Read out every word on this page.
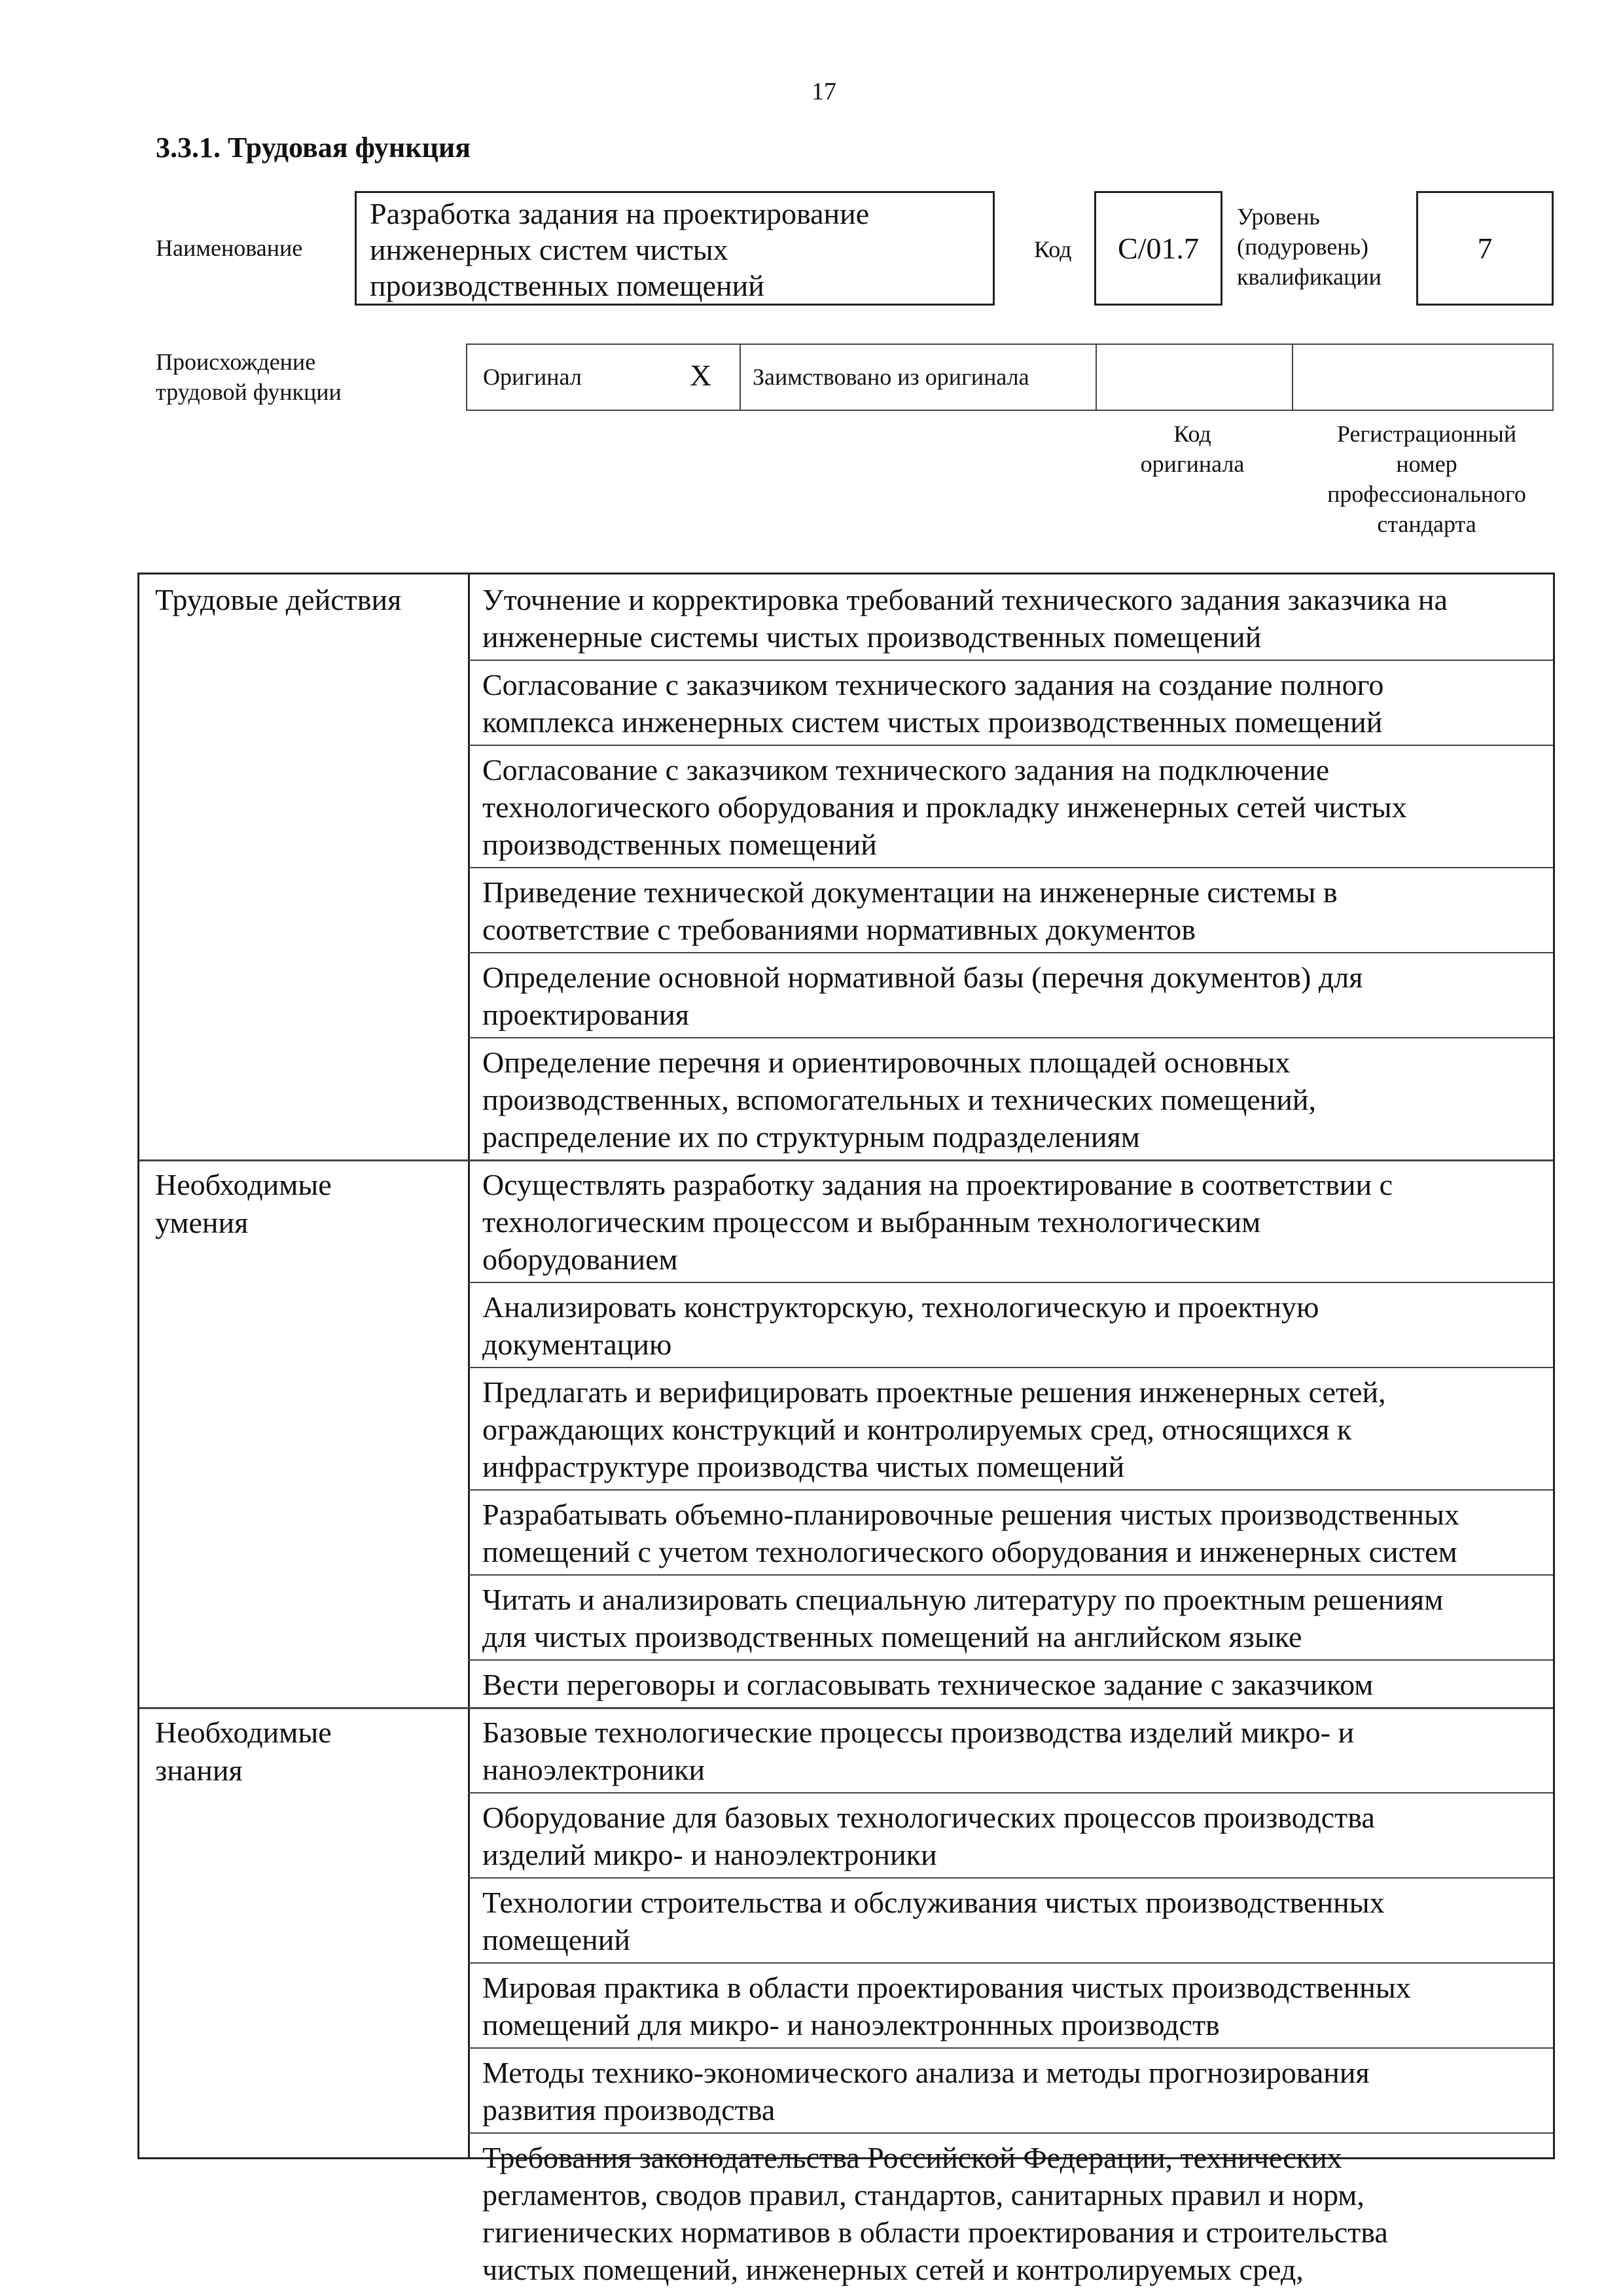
17
3.3.1. Трудовая функция
Наименование
Разработка задания на проектирование
инженерных систем чистых
производственных помещений
Код C/01.7
Уровень
(подуровень)
квалификации
7
Происхождение
трудовой функции
Оригинал	X Заимствовано из оригинала
Код
оригинала
Регистрационный
номер
профессионального
стандарта
Трудовые действия	Уточнение и корректировка требований технического задания заказчика на
инженерные системы чистых производственных помещений
Согласование с заказчиком технического задания на создание полного
комплекса инженерных систем чистых производственных помещений
Согласование с заказчиком технического задания на подключение
технологического оборудования и прокладку инженерных сетей чистых
производственных помещений
Приведение технической документации на инженерные системы в
соответствие с требованиями нормативных документов
Определение основной нормативной базы (перечня документов) для
проектирования
Определение перечня и ориентировочных площадей основных
производственных, вспомогательных и технических помещений,
распределение их по структурным подразделениям
Необходимые
умения
Осуществлять разработку задания на проектирование в соответствии с
технологическим процессом и выбранным технологическим
оборудованием
Анализировать конструкторскую, технологическую и проектную
документацию
Предлагать и верифицировать проектные решения инженерных сетей,
ограждающих конструкций и контролируемых сред, относящихся к
инфраструктуре производства чистых помещений
Разрабатывать объемно-планировочные решения чистых производственных
помещений с учетом технологического оборудования и инженерных систем
Читать и анализировать специальную литературу по проектным решениям
для чистых производственных помещений на английском языке
Вести переговоры и согласовывать техническое задание с заказчиком
Необходимые
знания
Базовые технологические процессы производства изделий микро- и
наноэлектроники
Оборудование для базовых технологических процессов производства
изделий микро- и наноэлектроники
Технологии строительства и обслуживания чистых производственных
помещений
Мировая практика в области проектирования чистых производственных
помещений для микро- и наноэлектроннных производств
Методы технико-экономического анализа и методы прогнозирования
развития производства
Требования законодательства Российской Федерации, технических
регламентов, сводов правил, стандартов, санитарных правил и норм,
гигиенических нормативов в области проектирования и строительства
чистых помещений, инженерных сетей и контролируемых сред,
